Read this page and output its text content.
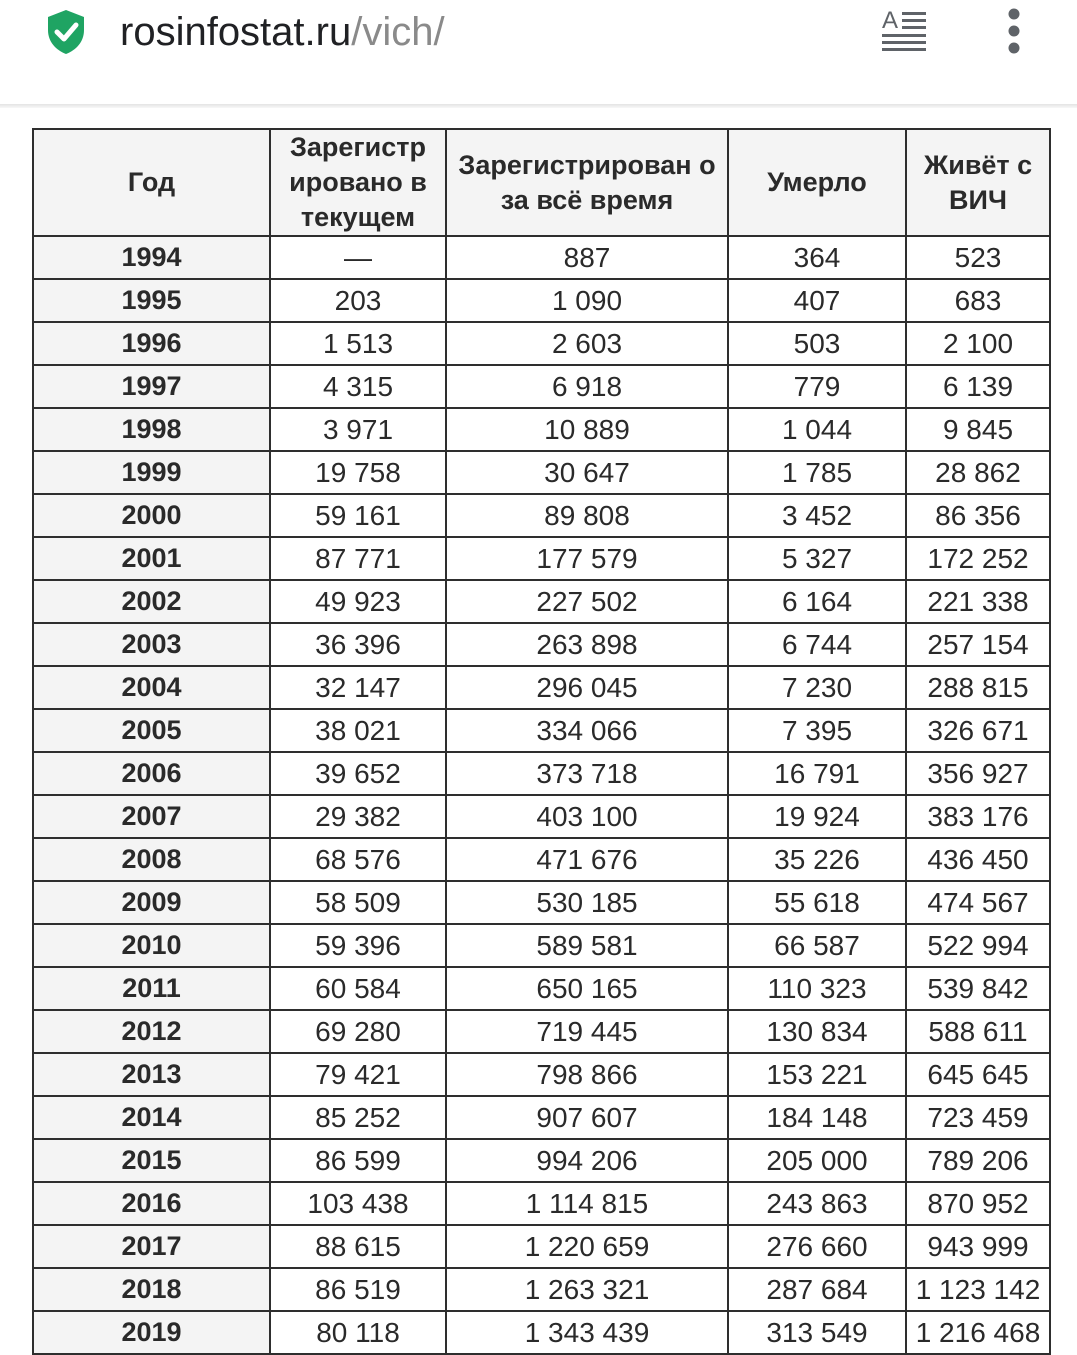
rosinfostat.ru/vich/	A
Год	Зарегистр ировано в текущем	Зарегистрирован о за всё время	Умерло	Живёт с ВИЧ
1994	—	887	364	523
1995	203	1 090	407	683
1996	1 513	2 603	503	2 100
1997	4 315	6 918	779	6 139
1998	3 971	10 889	1 044	9 845
1999	19 758	30 647	1 785	28 862
2000	59 161	89 808	3 452	86 356
2001	87 771	177 579	5 327	172 252
2002	49 923	227 502	6 164	221 338
2003	36 396	263 898	6 744	257 154
2004	32 147	296 045	7 230	288 815
2005	38 021	334 066	7 395	326 671
2006	39 652	373 718	16 791	356 927
2007	29 382	403 100	19 924	383 176
2008	68 576	471 676	35 226	436 450
2009	58 509	530 185	55 618	474 567
2010	59 396	589 581	66 587	522 994
2011	60 584	650 165	110 323	539 842
2012	69 280	719 445	130 834	588 611
2013	79 421	798 866	153 221	645 645
2014	85 252	907 607	184 148	723 459
2015	86 599	994 206	205 000	789 206
2016	103 438	1 114 815	243 863	870 952
2017	88 615	1 220 659	276 660	943 999
2018	86 519	1 263 321	287 684	1 123 142
2019	80 118	1 343 439	313 549	1 216 468
